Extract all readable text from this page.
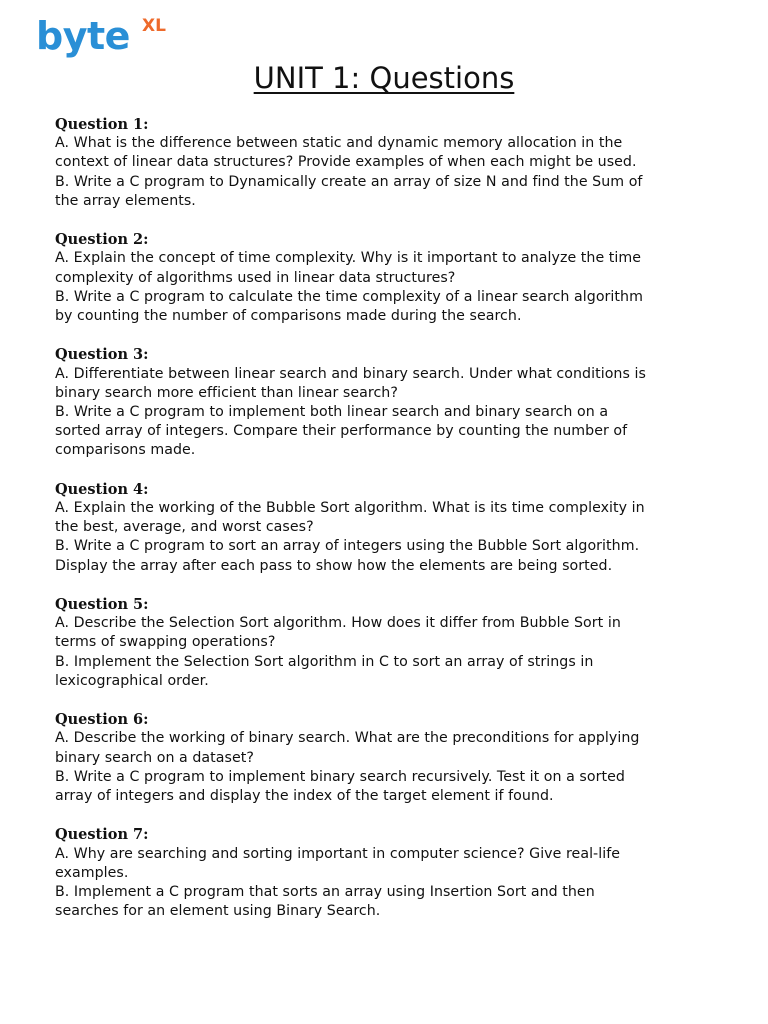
byte XL
UNIT 1: Questions

Question 1:

A. What is the difference between static and dynamic memory allocation in the

context of linear data structures? Provide examples of when each might be used.

B. Write a C program to Dynamically create an array of size N and find the Sum of

the array elements.

Question 2:

A. Explain the concept of time complexity. Why is it important to analyze the time

complexity of algorithms used in linear data structures?

B. Write a C program to calculate the time complexity of a linear search algorithm

by counting the number of comparisons made during the search.

Question 3:

A. Differentiate between linear search and binary search. Under what conditions is

binary search more efficient than linear search?

B. Write a C program to implement both linear search and binary search on a

sorted array of integers. Compare their performance by counting the number of

comparisons made.

Question 4:

A. Explain the working of the Bubble Sort algorithm. What is its time complexity in

the best, average, and worst cases?

B. Write a C program to sort an array of integers using the Bubble Sort algorithm.

Display the array after each pass to show how the elements are being sorted.

Question 5:

A. Describe the Selection Sort algorithm. How does it differ from Bubble Sort in

terms of swapping operations?

B. Implement the Selection Sort algorithm in C to sort an array of strings in

lexicographical order.

Question 6:

A. Describe the working of binary search. What are the preconditions for applying

binary search on a dataset?

B. Write a C program to implement binary search recursively. Test it on a sorted

array of integers and display the index of the target element if found.

Question 7:

A. Why are searching and sorting important in computer science? Give real-life

examples.

B. Implement a C program that sorts an array using Insertion Sort and then

searches for an element using Binary Search.
